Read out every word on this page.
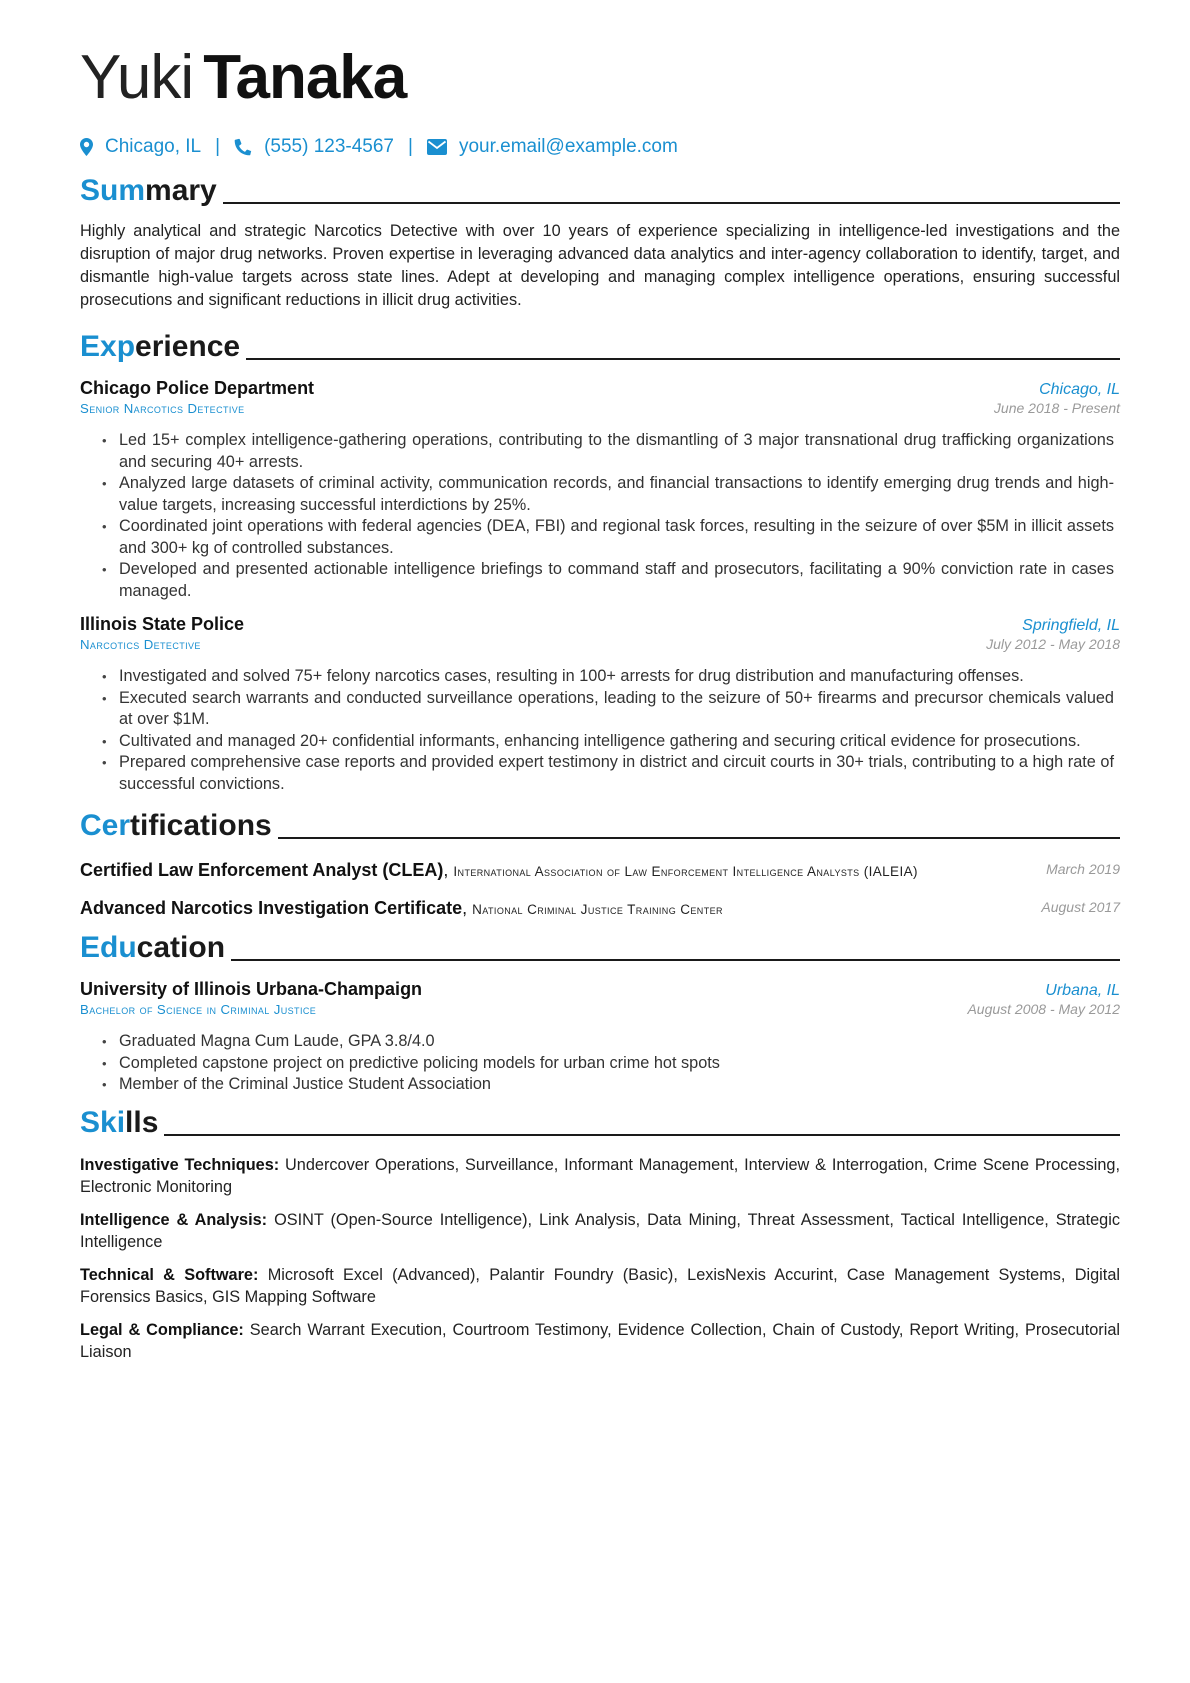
Yuki Tanaka
Chicago, IL | (555) 123-4567 | your.email@example.com
Summary
Highly analytical and strategic Narcotics Detective with over 10 years of experience specializing in intelligence-led investigations and the disruption of major drug networks. Proven expertise in leveraging advanced data analytics and inter-agency collaboration to identify, target, and dismantle high-value targets across state lines. Adept at developing and managing complex intelligence operations, ensuring successful prosecutions and significant reductions in illicit drug activities.
Experience
Chicago Police Department	Chicago, IL
Senior Narcotics Detective	June 2018 - Present
• Led 15+ complex intelligence-gathering operations, contributing to the dismantling of 3 major transnational drug trafficking organizations and securing 40+ arrests.
• Analyzed large datasets of criminal activity, communication records, and financial transactions to identify emerging drug trends and high-value targets, increasing successful interdictions by 25%.
• Coordinated joint operations with federal agencies (DEA, FBI) and regional task forces, resulting in the seizure of over $5M in illicit assets and 300+ kg of controlled substances.
• Developed and presented actionable intelligence briefings to command staff and prosecutors, facilitating a 90% conviction rate in cases managed.
Illinois State Police	Springfield, IL
Narcotics Detective	July 2012 - May 2018
• Investigated and solved 75+ felony narcotics cases, resulting in 100+ arrests for drug distribution and manufacturing offenses.
• Executed search warrants and conducted surveillance operations, leading to the seizure of 50+ firearms and precursor chemicals valued at over $1M.
• Cultivated and managed 20+ confidential informants, enhancing intelligence gathering and securing critical evidence for prosecutions.
• Prepared comprehensive case reports and provided expert testimony in district and circuit courts in 30+ trials, contributing to a high rate of successful convictions.
Certifications
Certified Law Enforcement Analyst (CLEA), International Association of Law Enforcement Intelligence Analysts (IALEIA)	March 2019
Advanced Narcotics Investigation Certificate, National Criminal Justice Training Center	August 2017
Education
University of Illinois Urbana-Champaign	Urbana, IL
Bachelor of Science in Criminal Justice	August 2008 - May 2012
• Graduated Magna Cum Laude, GPA 3.8/4.0
• Completed capstone project on predictive policing models for urban crime hot spots
• Member of the Criminal Justice Student Association
Skills
Investigative Techniques: Undercover Operations, Surveillance, Informant Management, Interview & Interrogation, Crime Scene Processing, Electronic Monitoring
Intelligence & Analysis: OSINT (Open-Source Intelligence), Link Analysis, Data Mining, Threat Assessment, Tactical Intelligence, Strategic Intelligence
Technical & Software: Microsoft Excel (Advanced), Palantir Foundry (Basic), LexisNexis Accurint, Case Management Systems, Digital Forensics Basics, GIS Mapping Software
Legal & Compliance: Search Warrant Execution, Courtroom Testimony, Evidence Collection, Chain of Custody, Report Writing, Prosecutorial Liaison
